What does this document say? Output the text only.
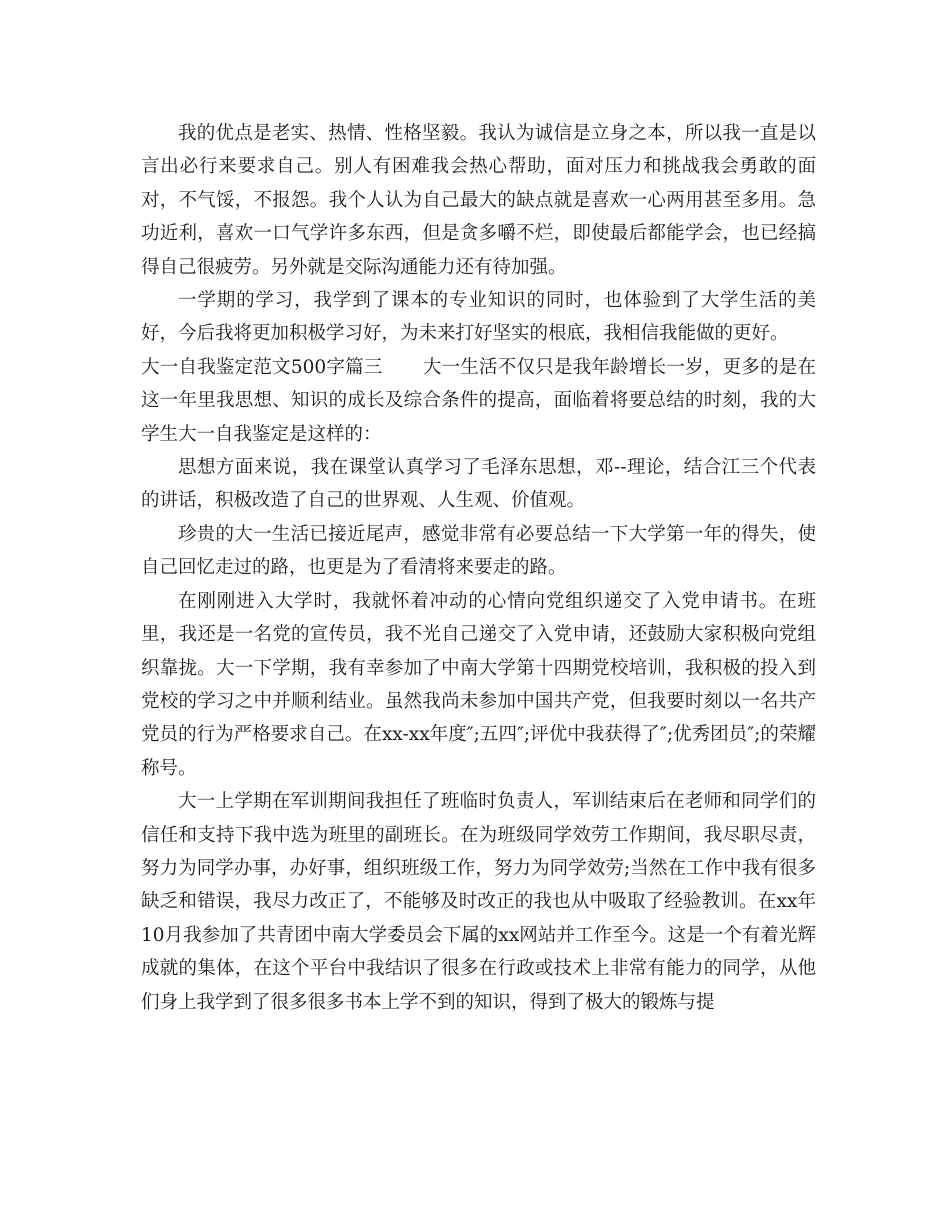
我的优点是老实、热情、性格坚毅。我认为诚信是立身之本，所以我一直是以言出必行来要求自己。别人有困难我会热心帮助，面对压力和挑战我会勇敢的面对，不气馁，不报怨。我个人认为自己最大的缺点就是喜欢一心两用甚至多用。急功近利，喜欢一口气学许多东西，但是贪多嚼不烂，即使最后都能学会，也已经搞得自己很疲劳。另外就是交际沟通能力还有待加强。

一学期的学习，我学到了课本的专业知识的同时，也体验到了大学生活的美好，今后我将更加积极学习好，为未来打好坚实的根底，我相信我能做的更好。

大一自我鉴定范文500字篇三 大一生活不仅只是我年龄增长一岁，更多的是在这一年里我思想、知识的成长及综合条件的提高，面临着将要总结的时刻，我的大学生大一自我鉴定是这样的：

思想方面来说，我在课堂认真学习了毛泽东思想，邓--理论，结合江三个代表的讲话，积极改造了自己的世界观、人生观、价值观。

珍贵的大一生活已接近尾声，感觉非常有必要总结一下大学第一年的得失，使自己回忆走过的路，也更是为了看清将来要走的路。

在刚刚进入大学时，我就怀着冲动的心情向党组织递交了入党申请书。在班里，我还是一名党的宣传员，我不光自己递交了入党申请，还鼓励大家积极向党组织靠拢。大一下学期，我有幸参加了中南大学第十四期党校培训，我积极的投入到党校的学习之中并顺利结业。虽然我尚未参加中国共产党，但我要时刻以一名共产党员的行为严格要求自己。在xx-xx年度″;五四″;评优中我获得了″;优秀团员″;的荣耀称号。

大一上学期在军训期间我担任了班临时负责人，军训结束后在老师和同学们的信任和支持下我中选为班里的副班长。在为班级同学效劳工作期间，我尽职尽责，努力为同学办事，办好事，组织班级工作，努力为同学效劳;当然在工作中我有很多缺乏和错误，我尽力改正了，不能够及时改正的我也从中吸取了经验教训。在xx年10月我参加了共青团中南大学委员会下属的xx网站并工作至今。这是一个有着光辉成就的集体，在这个平台中我结识了很多在行政或技术上非常有能力的同学，从他们身上我学到了很多很多书本上学不到的知识，得到了极大的锻炼与提
